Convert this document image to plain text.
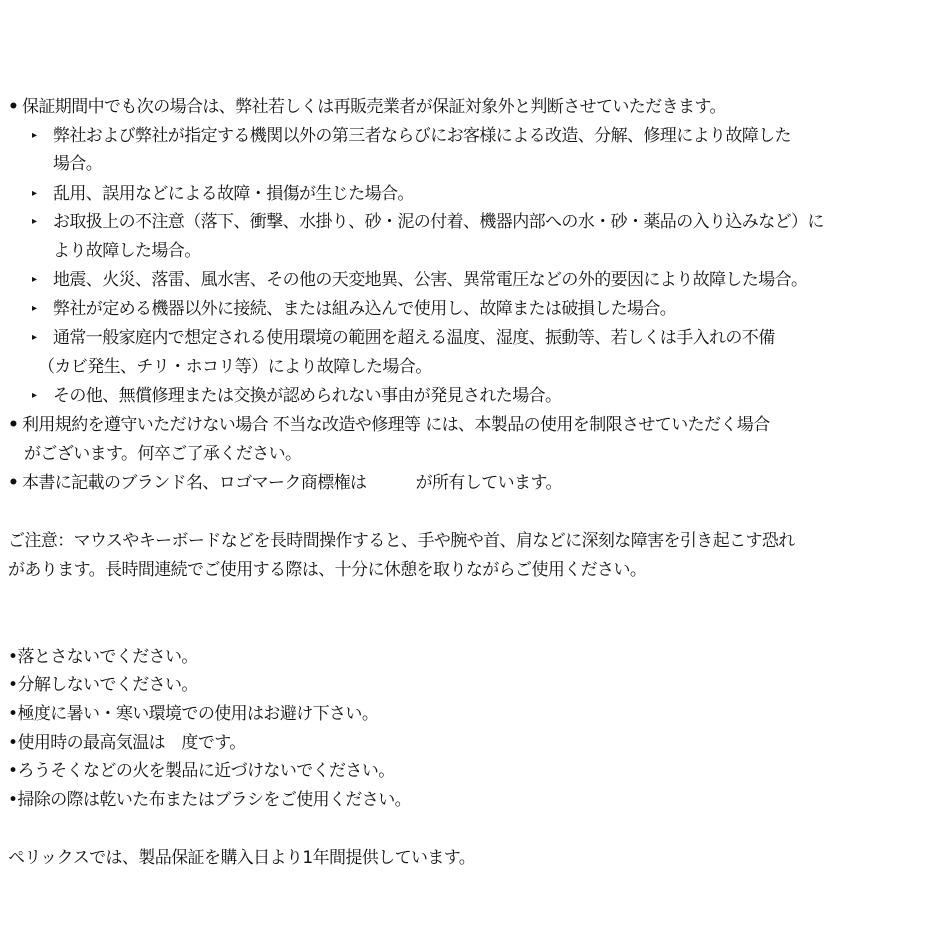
• 保証期間中でも次の場合は、弊社若しくは再販売業者が保証対象外と判断させていただきます。
▸ 弊社および弊社が指定する機関以外の第三者ならびにお客様による改造、分解、修理により故障した
場合。
▸ 乱用、誤用などによる故障・損傷が生じた場合。
▸ お取扱上の不注意（落下、衝撃、水掛り、砂・泥の付着、機器内部への水・砂・薬品の入り込みなど）に
より故障した場合。
▸ 地震、火災、落雷、風水害、その他の天変地異、公害、異常電圧などの外的要因により故障した場合。
▸ 弊社が定める機器以外に接続、または組み込んで使用し、故障または破損した場合。
▸ 通常一般家庭内で想定される使用環境の範囲を超える温度、湿度、振動等、若しくは手入れの不備
（カビ発生、チリ・ホコリ等）により故障した場合。
▸ その他、無償修理または交換が認められない事由が発見された場合。
• 利用規約を遵守いただけない場合 不当な改造や修理等 には、本製品の使用を制限させていただく場合
がございます。何卒ご了承ください。
• 本書に記載のブランド名、ロゴマーク商標権は　　　が所有しています。
ご注意：マウスやキーボードなどを長時間操作すると、手や腕や首、肩などに深刻な障害を引き起こす恐れ
があります。長時間連続でご使用する際は、十分に休憩を取りながらご使用ください。
•落とさないでください。
•分解しないでください。
•極度に暑い・寒い環境での使用はお避け下さい。
•使用時の最高気温は　度です。
•ろうそくなどの火を製品に近づけないでください。
•掃除の際は乾いた布またはブラシをご使用ください。
ペリックスでは、製品保証を購入日より1年間提供しています。
